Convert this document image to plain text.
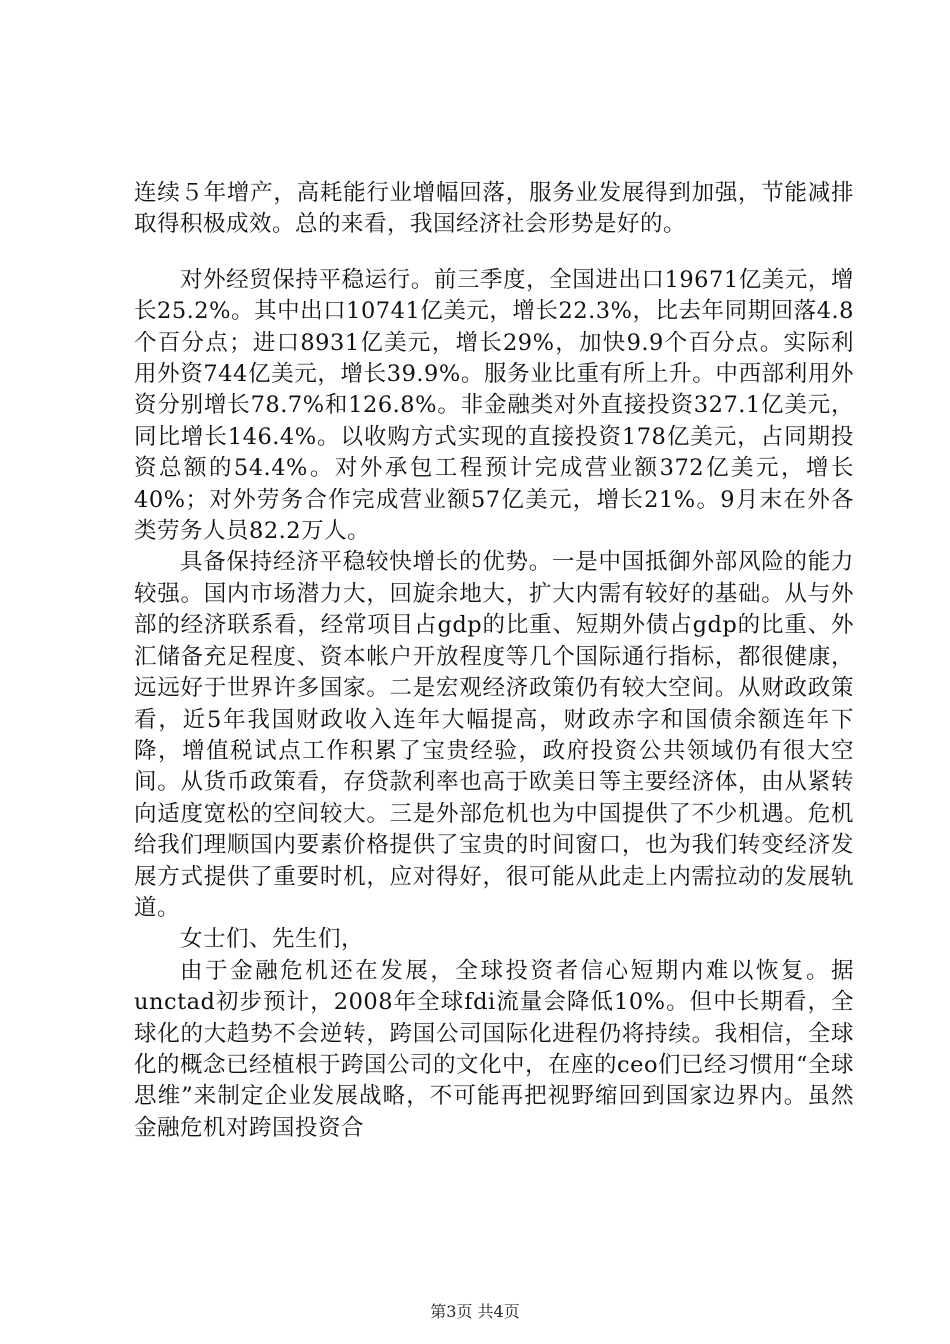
连续５年增产，高耗能行业增幅回落，服务业发展得到加强，节能减排取得积极成效。总的来看，我国经济社会形势是好的。

对外经贸保持平稳运行。前三季度，全国进出口19671亿美元，增长25.2%。其中出口10741亿美元，增长22.3%，比去年同期回落4.8个百分点；进口8931亿美元，增长29%，加快9.9个百分点。实际利用外资744亿美元，增长39.9%。服务业比重有所上升。中西部利用外资分别增长78.7%和126.8%。非金融类对外直接投资327.1亿美元，同比增长146.4%。以收购方式实现的直接投资178亿美元，占同期投资总额的54.4%。对外承包工程预计完成营业额372亿美元，增长40%；对外劳务合作完成营业额57亿美元，增长21%。9月末在外各类劳务人员82.2万人。

具备保持经济平稳较快增长的优势。一是中国抵御外部风险的能力较强。国内市场潜力大，回旋余地大，扩大内需有较好的基础。从与外部的经济联系看，经常项目占gdp的比重、短期外债占gdp的比重、外汇储备充足程度、资本帐户开放程度等几个国际通行指标，都很健康，远远好于世界许多国家。二是宏观经济政策仍有较大空间。从财政政策看，近5年我国财政收入连年大幅提高，财政赤字和国债余额连年下降，增值税试点工作积累了宝贵经验，政府投资公共领域仍有很大空间。从货币政策看，存贷款利率也高于欧美日等主要经济体，由从紧转向适度宽松的空间较大。三是外部危机也为中国提供了不少机遇。危机给我们理顺国内要素价格提供了宝贵的时间窗口，也为我们转变经济发展方式提供了重要时机，应对得好，很可能从此走上内需拉动的发展轨道。

女士们、先生们，

由于金融危机还在发展，全球投资者信心短期内难以恢复。据unctad初步预计，2008年全球fdi流量会降低10%。但中长期看，全球化的大趋势不会逆转，跨国公司国际化进程仍将持续。我相信，全球化的概念已经植根于跨国公司的文化中，在座的ceo们已经习惯用“全球思维”来制定企业发展战略，不可能再把视野缩回到国家边界内。虽然金融危机对跨国投资合

第3页 共4页
